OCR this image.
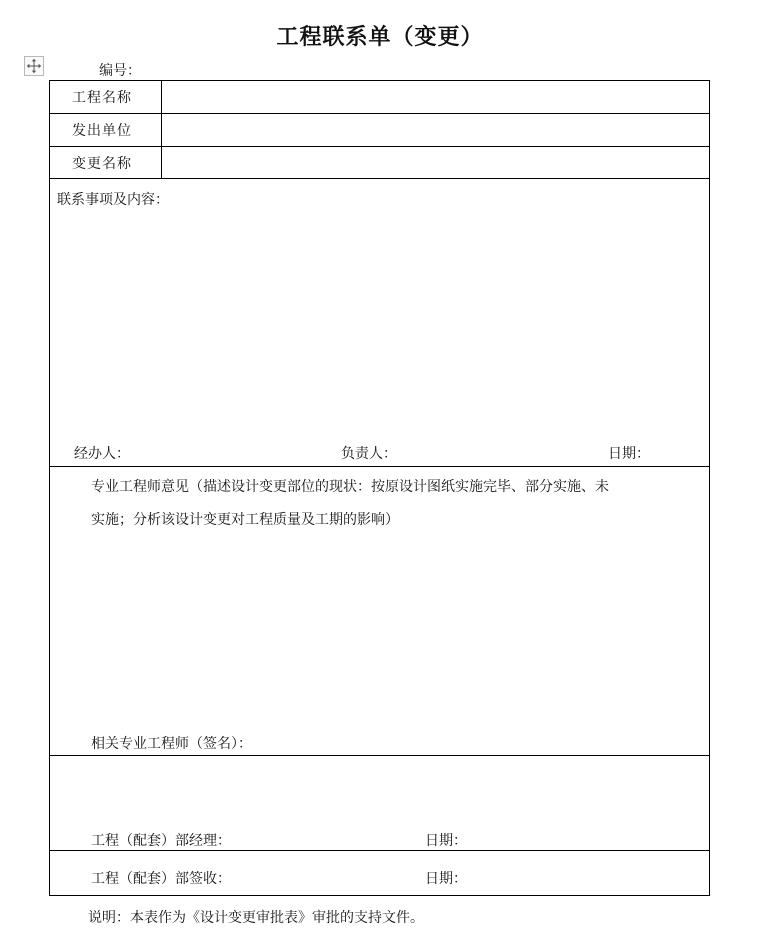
工程联系单（变更）
编号：
工程名称
发出单位
变更名称
联系事项及内容：
经办人：	负责人：	日期：
专业工程师意见（描述设计变更部位的现状：按原设计图纸实施完毕、部分实施、未
实施；分析该设计变更对工程质量及工期的影响）
相关专业工程师（签名）：
工程（配套）部经理：	日期：
工程（配套）部签收：	日期：
说明：本表作为《设计变更审批表》审批的支持文件。
